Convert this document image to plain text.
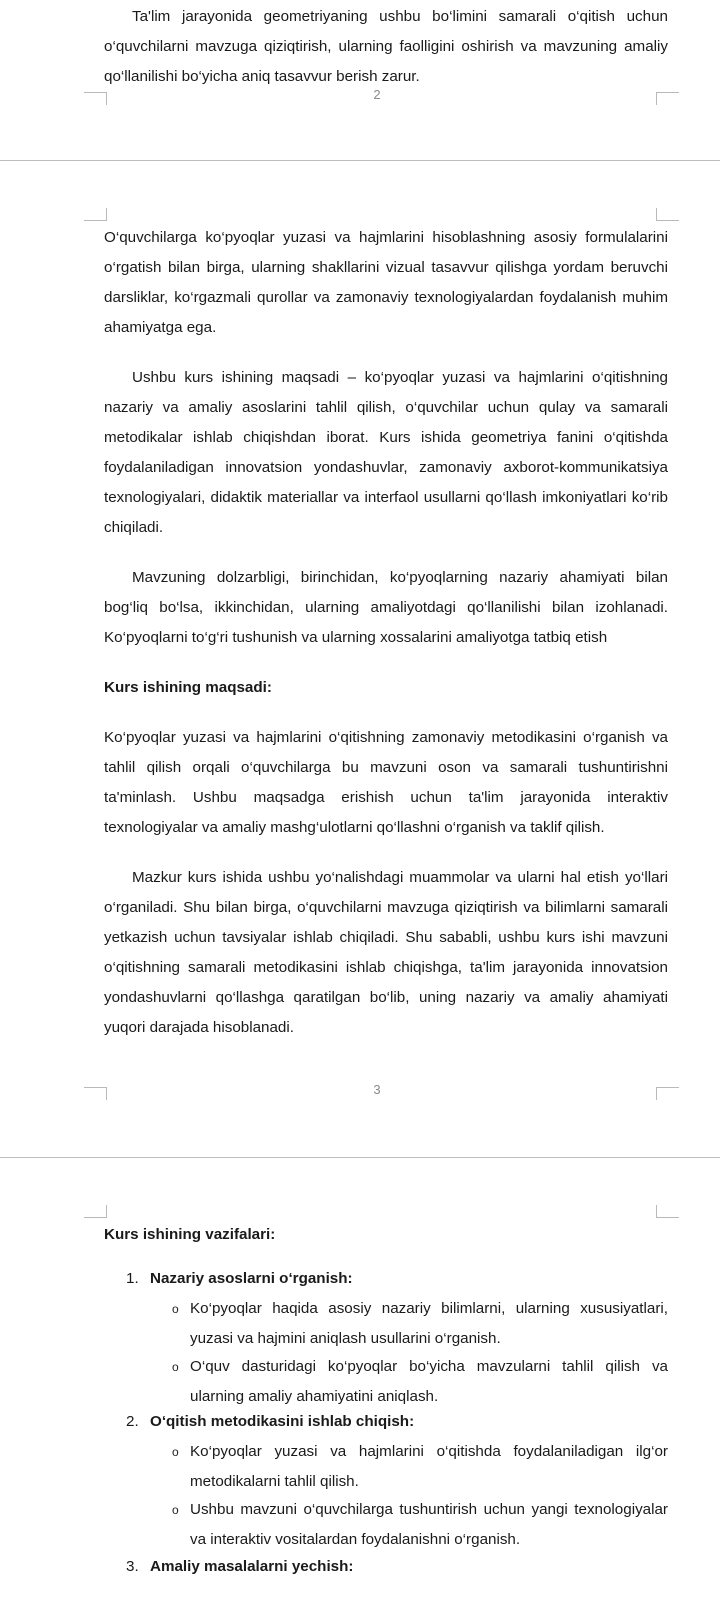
Ta'lim jarayonida geometriyaning ushbu bo‘limini samarali o‘qitish uchun o‘quvchilarni mavzuga qiziqtirish, ularning faolligini oshirish va mavzuning amaliy qo‘llanilishi bo‘yicha aniq tasavvur berish zarur.

2

O‘quvchilarga ko‘pyoqlar yuzasi va hajmlarini hisoblashning asosiy formulalarini o‘rgatish bilan birga, ularning shakllarini vizual tasavvur qilishga yordam beruvchi darsliklar, ko‘rgazmali qurollar va zamonaviy texnologiyalardan foydalanish muhim ahamiyatga ega.

Ushbu kurs ishining maqsadi – ko‘pyoqlar yuzasi va hajmlarini o‘qitishning nazariy va amaliy asoslarini tahlil qilish, o‘quvchilar uchun qulay va samarali metodikalar ishlab chiqishdan iborat. Kurs ishida geometriya fanini o‘qitishda foydalaniladigan innovatsion yondashuvlar, zamonaviy axborot-kommunikatsiya texnologiyalari, didaktik materiallar va interfaol usullarni qo‘llash imkoniyatlari ko‘rib chiqiladi.

Mavzuning dolzarbligi, birinchidan, ko‘pyoqlarning nazariy ahamiyati bilan bog‘liq bo‘lsa, ikkinchidan, ularning amaliyotdagi qo‘llanilishi bilan izohlanadi. Ko‘pyoqlarni to‘g‘ri tushunish va ularning xossalarini amaliyotga tatbiq etish

Kurs ishining maqsadi:

Ko‘pyoqlar yuzasi va hajmlarini o‘qitishning zamonaviy metodikasini o‘rganish va tahlil qilish orqali o‘quvchilarga bu mavzuni oson va samarali tushuntirishni ta'minlash. Ushbu maqsadga erishish uchun ta'lim jarayonida interaktiv texnologiyalar va amaliy mashg‘ulotlarni qo‘llashni o‘rganish va taklif qilish.

Mazkur kurs ishida ushbu yo‘nalishdagi muammolar va ularni hal etish yo‘llari o‘rganiladi. Shu bilan birga, o‘quvchilarni mavzuga qiziqtirish va bilimlarni samarali yetkazish uchun tavsiyalar ishlab chiqiladi. Shu sababli, ushbu kurs ishi mavzuni o‘qitishning samarali metodikasini ishlab chiqishga, ta'lim jarayonida innovatsion yondashuvlarni qo‘llashga qaratilgan bo‘lib, uning nazariy va amaliy ahamiyati yuqori darajada hisoblanadi.

3

Kurs ishining vazifalari:

1. Nazariy asoslarni o‘rganish:
o Ko‘pyoqlar haqida asosiy nazariy bilimlarni, ularning xususiyatlari, yuzasi va hajmini aniqlash usullarini o‘rganish.
o O‘quv dasturidagi ko‘pyoqlar bo‘yicha mavzularni tahlil qilish va ularning amaliy ahamiyatini aniqlash.
2. O‘qitish metodikasini ishlab chiqish:
o Ko‘pyoqlar yuzasi va hajmlarini o‘qitishda foydalaniladigan ilg‘or metodikalarni tahlil qilish.
o Ushbu mavzuni o‘quvchilarga tushuntirish uchun yangi texnologiyalar va interaktiv vositalardan foydalanishni o‘rganish.
3. Amaliy masalalarni yechish:
